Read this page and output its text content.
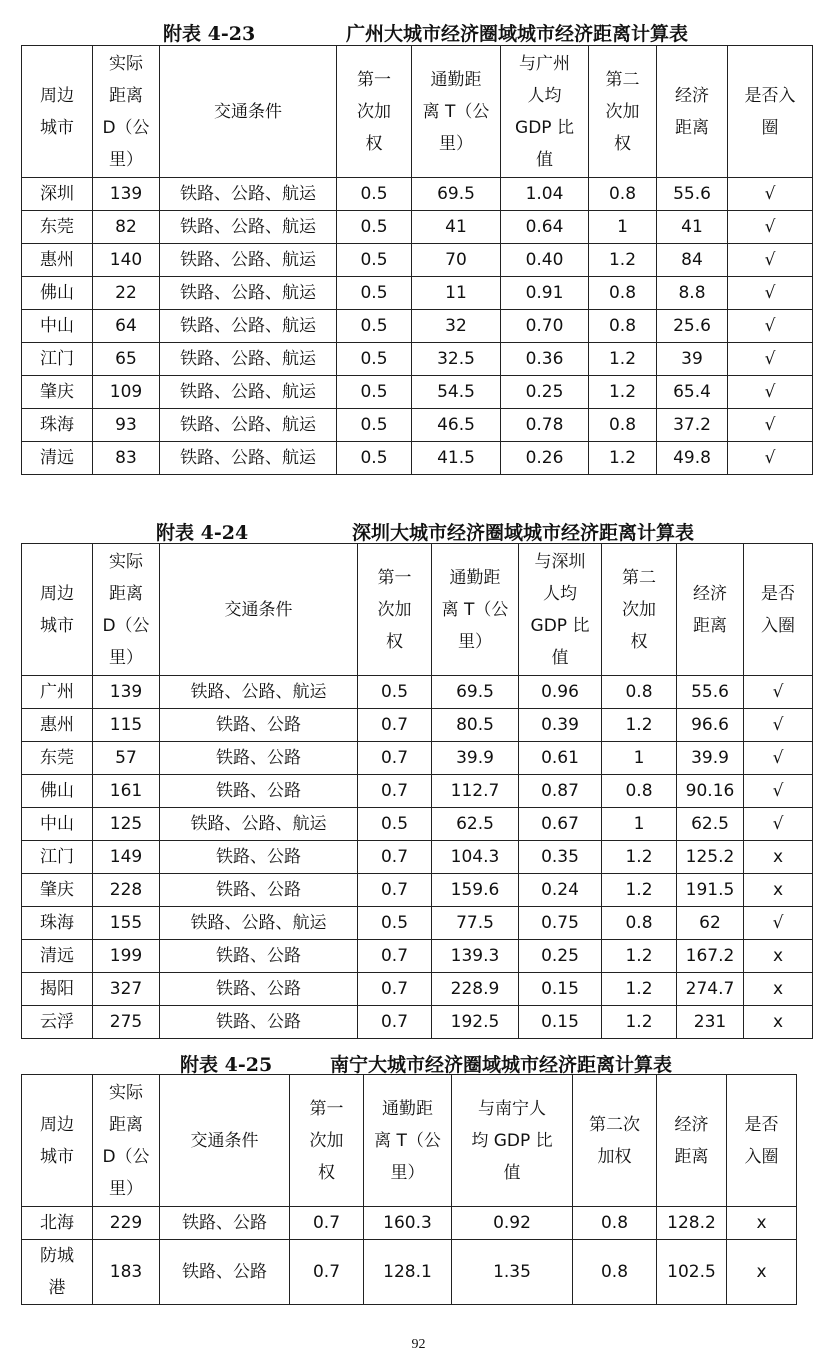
附表 4-23	广州大城市经济圈域城市经济距离计算表
周边
城市	实际
距离
D（公
里）	交通条件	第一
次加
权	通勤距
离 T（公
里）	与广州
人均
GDP 比
值	第二
次加
权	经济
距离	是否入
圈
深圳	139	铁路、公路、航运	0.5	69.5	1.04	0.8	55.6	√
东莞	82	铁路、公路、航运	0.5	41	0.64	1	41	√
惠州	140	铁路、公路、航运	0.5	70	0.40	1.2	84	√
佛山	22	铁路、公路、航运	0.5	11	0.91	0.8	8.8	√
中山	64	铁路、公路、航运	0.5	32	0.70	0.8	25.6	√
江门	65	铁路、公路、航运	0.5	32.5	0.36	1.2	39	√
肇庆	109	铁路、公路、航运	0.5	54.5	0.25	1.2	65.4	√
珠海	93	铁路、公路、航运	0.5	46.5	0.78	0.8	37.2	√
清远	83	铁路、公路、航运	0.5	41.5	0.26	1.2	49.8	√
附表 4-24	深圳大城市经济圈域城市经济距离计算表
周边
城市	实际
距离
D（公
里）	交通条件	第一
次加
权	通勤距
离 T（公
里）	与深圳
人均
GDP 比
值	第二
次加
权	经济
距离	是否
入圈
广州	139	铁路、公路、航运	0.5	69.5	0.96	0.8	55.6	√
惠州	115	铁路、公路	0.7	80.5	0.39	1.2	96.6	√
东莞	57	铁路、公路	0.7	39.9	0.61	1	39.9	√
佛山	161	铁路、公路	0.7	112.7	0.87	0.8	90.16	√
中山	125	铁路、公路、航运	0.5	62.5	0.67	1	62.5	√
江门	149	铁路、公路	0.7	104.3	0.35	1.2	125.2	x
肇庆	228	铁路、公路	0.7	159.6	0.24	1.2	191.5	x
珠海	155	铁路、公路、航运	0.5	77.5	0.75	0.8	62	√
清远	199	铁路、公路	0.7	139.3	0.25	1.2	167.2	x
揭阳	327	铁路、公路	0.7	228.9	0.15	1.2	274.7	x
云浮	275	铁路、公路	0.7	192.5	0.15	1.2	231	x
附表 4-25	南宁大城市经济圈域城市经济距离计算表
周边
城市	实际
距离
D（公
里）	交通条件	第一
次加
权	通勤距
离 T（公
里）	与南宁人
均 GDP 比
值	第二次
加权	经济
距离	是否
入圈
北海	229	铁路、公路	0.7	160.3	0.92	0.8	128.2	x
防城
港	183	铁路、公路	0.7	128.1	1.35	0.8	102.5	x
92
